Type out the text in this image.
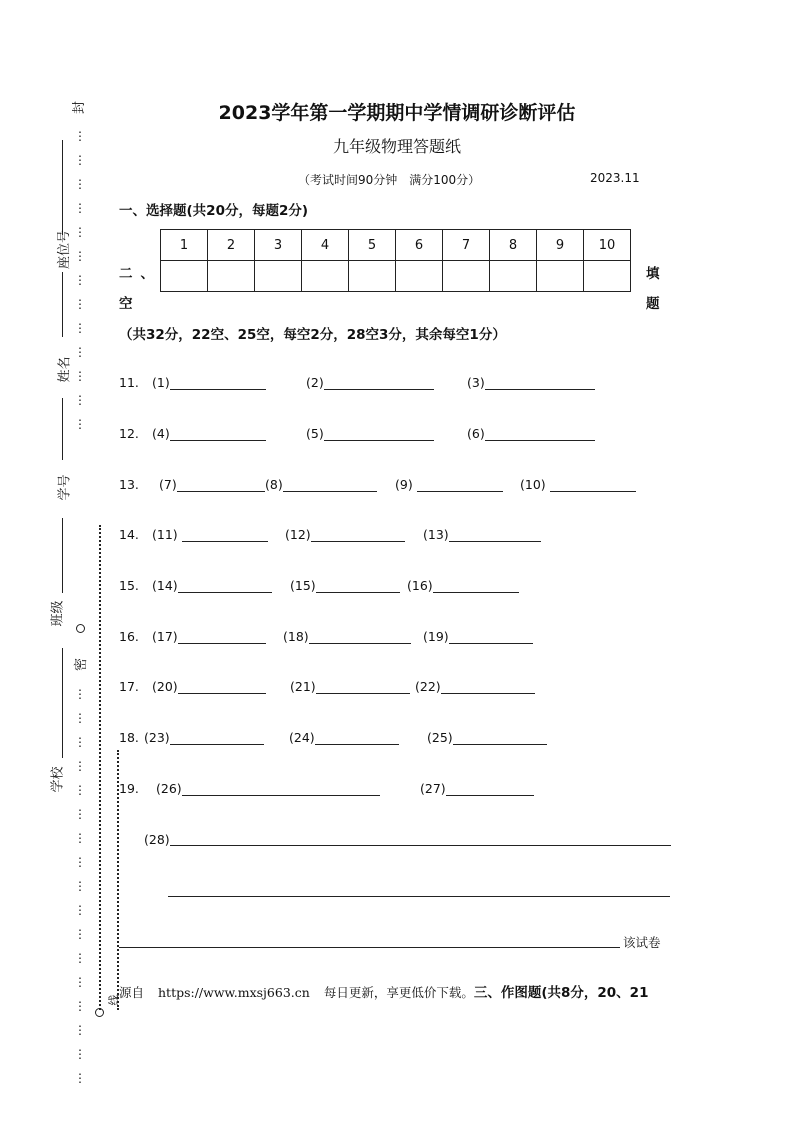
封
座位号
姓名
学号
班级
学校
⋮

⋮

⋮

⋮

⋮

⋮

⋮

⋮

⋮

⋮

⋮

⋮

⋮
密
⋮

⋮

⋮

⋮

⋮

⋮

⋮

⋮

⋮

⋮

⋮

⋮

⋮

⋮

⋮

⋮

⋮
线
2023学年第一学期期中学情调研诊断评估
九年级物理答题纸
（考试时间90分钟　满分100分）	2023.11
一、选择题(共20分，每题2分)
1	2	3	4	5	6	7	8	9	10

二、
空
填
题
（共32分，22空、25空，每空2分，28空3分，其余每空1分）
11. (1)	(2)	(3)
12. (4)	(5)	(6)
13. (7)	(8)	(9)	(10)
14. (11)	(12)	(13)
15. (14)	(15)	(16)
16. (17)	(18)	(19)
17. (20)	(21)	(22)
18. (23)	(24)	(25)
19. (26)	(27)
(28)
该试卷
源自 https://www.mxsj663.cn 每日更新，享更低价下载。三、作图题(共8分，20、21
